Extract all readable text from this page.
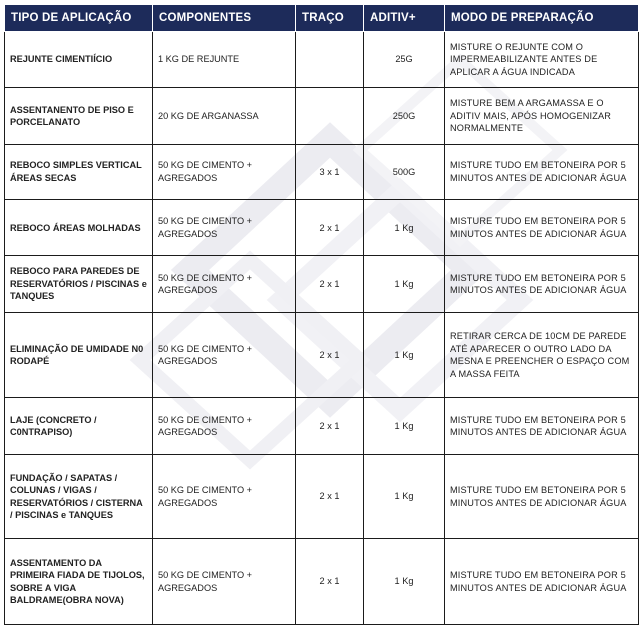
TIPO DE APLICAÇÃO	COMPONENTES	TRAÇO	ADITIV+	MODO DE PREPARAÇÃO
REJUNTE CIMENTIÍCIO	1 KG DE REJUNTE		25G	MISTURE O REJUNTE COM O IMPERMEABILIZANTE ANTES DE APLICAR A ÁGUA INDICADA
ASSENTANENTO DE PISO E PORCELANATO	20 KG DE ARGANASSA		250G	MISTURE BEM A ARGAMASSA E O ADITIV MAIS, APÓS HOMOGENIZAR NORMALMENTE
REBOCO SIMPLES VERTICAL ÁREAS SECAS	50 KG DE CIMENTO + AGREGADOS	3 x 1	500G	MISTURE TUDO EM BETONEIRA POR 5 MINUTOS ANTES DE ADICIONAR ÁGUA
REBOCO ÁREAS MOLHADAS	50 KG DE CIMENTO + AGREGADOS	2 x 1	1 Kg	MISTURE TUDO EM BETONEIRA POR 5 MINUTOS ANTES DE ADICIONAR ÁGUA
REBOCO PARA PAREDES DE RESERVATÓRIOS / PISCINAS e TANQUES	50 KG DE CIMENTO + AGREGADOS	2 x 1	1 Kg	MISTURE TUDO EM BETONEIRA POR 5 MINUTOS ANTES DE ADICIONAR ÁGUA
ELIMINAÇÃO DE UMIDADE N0 RODAPÉ	50 KG DE CIMENTO + AGREGADOS	2 x 1	1 Kg	RETIRAR CERCA DE 10CM DE PAREDE ATÉ APARECER O OUTRO LADO DA MESNA E PREENCHER O ESPAÇO COM A MASSA FEITA
LAJE (CONCRETO / C0NTRAPISO)	50 KG DE CIMENTO + AGREGADOS	2 x 1	1 Kg	MISTURE TUDO EM BETONEIRA POR 5 MINUTOS ANTES DE ADICIONAR ÁGUA
FUNDAÇÃO / SAPATAS / COLUNAS / VIGAS / RESERVATÓRIOS / CISTERNA / PISCINAS e TANQUES	50 KG DE CIMENTO + AGREGADOS	2 x 1	1 Kg	MISTURE TUDO EM BETONEIRA POR 5 MINUTOS ANTES DE ADICIONAR ÁGUA
ASSENTAMENTO DA PRIMEIRA FIADA DE TIJOLOS, SOBRE A VIGA BALDRAME(OBRA NOVA)	50 KG DE CIMENTO + AGREGADOS	2 x 1	1 Kg	MISTURE TUDO EM BETONEIRA POR 5 MINUTOS ANTES DE ADICIONAR ÁGUA
